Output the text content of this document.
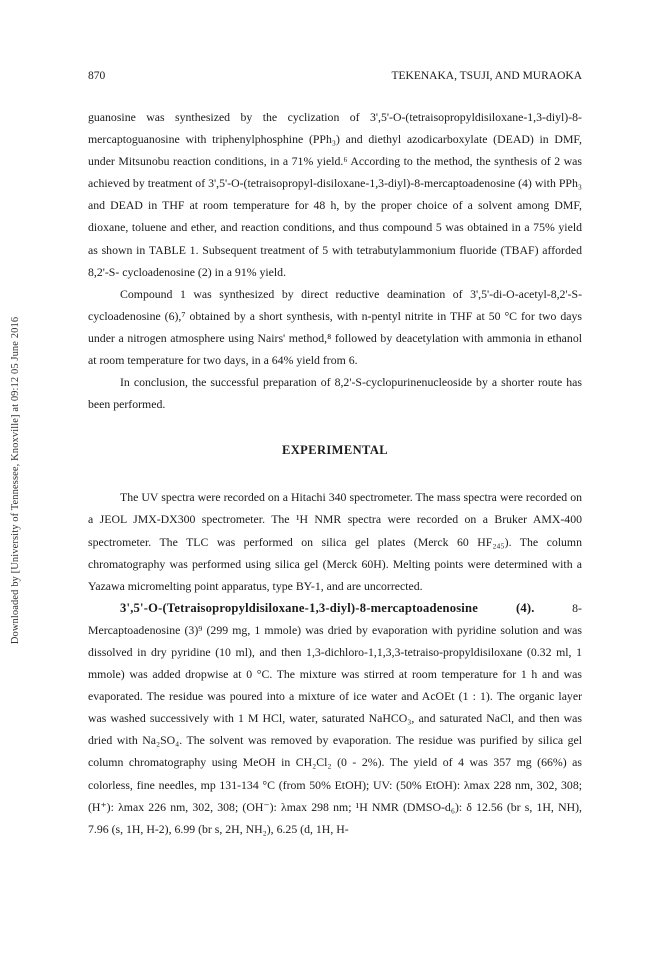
Downloaded by [University of Tennessee, Knoxville] at 09:12 05 June 2016
870	TEKENAKA, TSUJI, AND MURAOKA

guanosine was synthesized by the cyclization of 3',5'-O-(tetraisopropyldisiloxane-1,3-diyl)-8-mercaptoguanosine with triphenylphosphine (PPh₃) and diethyl azodicarboxylate (DEAD) in DMF, under Mitsunobu reaction conditions, in a 71% yield.⁶ According to the method, the synthesis of 2 was achieved by treatment of 3',5'-O-(tetraisopropyl-disiloxane-1,3-diyl)-8-mercaptoadenosine (4) with PPh₃ and DEAD in THF at room temperature for 48 h, by the proper choice of a solvent among DMF, dioxane, toluene and ether, and reaction conditions, and thus compound 5 was obtained in a 75% yield as shown in TABLE 1. Subsequent treatment of 5 with tetrabutylammonium fluoride (TBAF) afforded 8,2'-S- cycloadenosine (2) in a 91% yield.

Compound 1 was synthesized by direct reductive deamination of 3',5'-di-O-acetyl-8,2'-S-cycloadenosine (6),⁷ obtained by a short synthesis, with n-pentyl nitrite in THF at 50 °C for two days under a nitrogen atmosphere using Nairs' method,⁸ followed by deacetylation with ammonia in ethanol at room temperature for two days, in a 64% yield from 6.

In conclusion, the successful preparation of 8,2'-S-cyclopurinenucleoside by a shorter route has been performed.

EXPERIMENTAL

The UV spectra were recorded on a Hitachi 340 spectrometer. The mass spectra were recorded on a JEOL JMX-DX300 spectrometer. The ¹H NMR spectra were recorded on a Bruker AMX-400 spectrometer. The TLC was performed on silica gel plates (Merck 60 HF₂₄₅). The column chromatography was performed using silica gel (Merck 60H). Melting points were determined with a Yazawa micromelting point apparatus, type BY-1, and are uncorrected.

3',5'-O-(Tetraisopropyldisiloxane-1,3-diyl)-8-mercaptoadenosine (4). 8-Mercaptoadenosine (3)⁹ (299 mg, 1 mmole) was dried by evaporation with pyridine solution and was dissolved in dry pyridine (10 ml), and then 1,3-dichloro-1,1,3,3-tetraiso-propyldisiloxane (0.32 ml, 1 mmole) was added dropwise at 0 °C. The mixture was stirred at room temperature for 1 h and was evaporated. The residue was poured into a mixture of ice water and AcOEt (1 : 1). The organic layer was washed successively with 1 M HCl, water, saturated NaHCO₃, and saturated NaCl, and then was dried with Na₂SO₄. The solvent was removed by evaporation. The residue was purified by silica gel column chromatography using MeOH in CH₂Cl₂ (0 - 2%). The yield of 4 was 357 mg (66%) as colorless, fine needles, mp 131-134 °C (from 50% EtOH); UV: (50% EtOH): λmax 228 nm, 302, 308; (H⁺): λmax 226 nm, 302, 308; (OH⁻): λmax 298 nm; ¹H NMR (DMSO-d₆): δ 12.56 (br s, 1H, NH), 7.96 (s, 1H, H-2), 6.99 (br s, 2H, NH₂), 6.25 (d, 1H, H-
